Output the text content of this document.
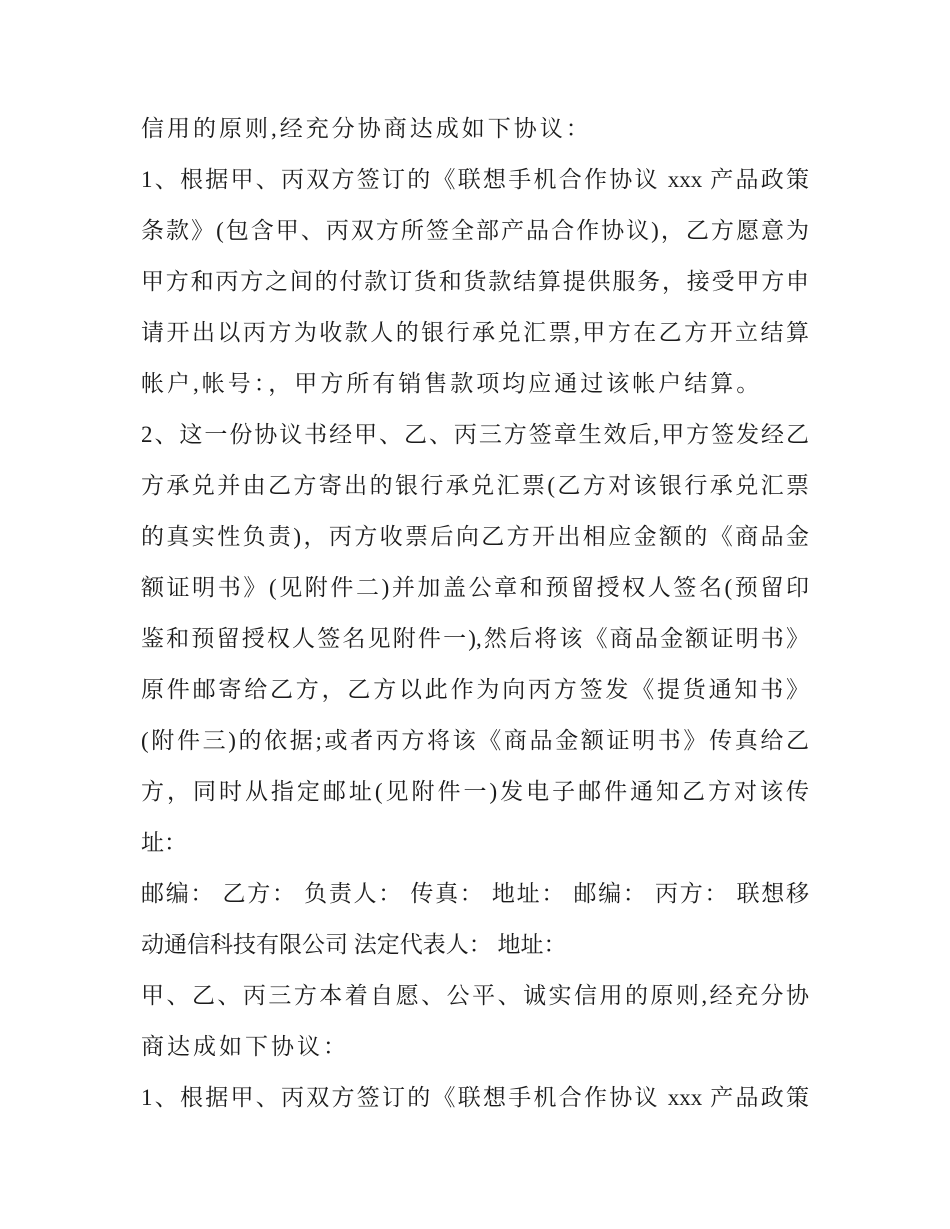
信用的原则,经充分协商达成如下协议：
1、根据甲、丙双方签订的《联想手机合作协议 xxx 产品政策
条款》(包含甲、丙双方所签全部产品合作协议)，乙方愿意为
甲方和丙方之间的付款订货和货款结算提供服务，接受甲方申
请开出以丙方为收款人的银行承兑汇票,甲方在乙方开立结算
帐户,帐号：，甲方所有销售款项均应通过该帐户结算。
2、这一份协议书经甲、乙、丙三方签章生效后,甲方签发经乙
方承兑并由乙方寄出的银行承兑汇票(乙方对该银行承兑汇票
的真实性负责)，丙方收票后向乙方开出相应金额的《商品金
额证明书》(见附件二)并加盖公章和预留授权人签名(预留印
鉴和预留授权人签名见附件一),然后将该《商品金额证明书》
原件邮寄给乙方，乙方以此作为向丙方签发《提货通知书》
(附件三)的依据;或者丙方将该《商品金额证明书》传真给乙
方，同时从指定邮址(见附件一)发电子邮件通知乙方对该传
址：
邮编： 乙方： 负责人： 传真： 地址： 邮编： 丙方： 联想移
动通信科技有限公司 法定代表人： 地址：
甲、乙、丙三方本着自愿、公平、诚实信用的原则,经充分协
商达成如下协议：
1、根据甲、丙双方签订的《联想手机合作协议 xxx 产品政策
